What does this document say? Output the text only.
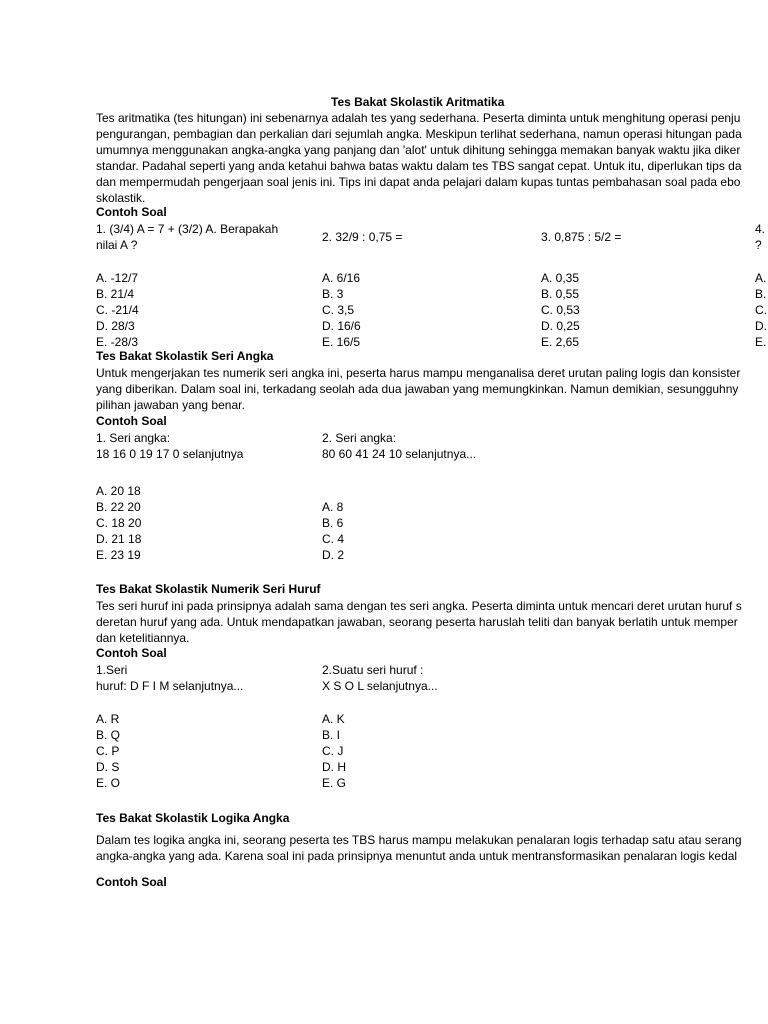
Tes Bakat Skolastik Aritmatika
Tes aritmatika (tes hitungan) ini sebenarnya adalah tes yang sederhana. Peserta diminta untuk menghitung operasi penju
pengurangan, pembagian dan perkalian dari sejumlah angka. Meskipun terlihat sederhana, namun operasi hitungan pada
umumnya menggunakan angka-angka yang panjang dan 'alot' untuk dihitung sehingga memakan banyak waktu jika diker
standar. Padahal seperti yang anda ketahui bahwa batas waktu dalam tes TBS sangat cepat. Untuk itu, diperlukan tips da
dan mempermudah pengerjaan soal jenis ini. Tips ini dapat anda pelajari dalam kupas tuntas pembahasan soal pada ebo
skolastik.
Contoh Soal
1. (3/4) A = 7 + (3/2) A. Berapakah
nilai A ?
2. 32/9 : 0,75 =	3. 0,875 : 5/2 =
4.
?
A. -12/7
B. 21/4
C. -21/4
D. 28/3
E. -28/3
A. 6/16
B. 3
C. 3,5
D. 16/6
E. 16/5
A. 0,35
B. 0,55
C. 0,53
D. 0,25
E. 2,65
A.
B.
C.
D.
E.
Tes Bakat Skolastik Seri Angka
Untuk mengerjakan tes numerik seri angka ini, peserta harus mampu menganalisa deret urutan paling logis dan konsister
yang diberikan. Dalam soal ini, terkadang seolah ada dua jawaban yang memungkinkan. Namun demikian, sesungguhny
pilihan jawaban yang benar.
Contoh Soal
1. Seri angka:
18 16 0 19 17 0 selanjutnya
2. Seri angka:
80 60 41 24 10 selanjutnya...
A. 20 18
B. 22 20
C. 18 20
D. 21 18
E. 23 19
A. 8
B. 6
C. 4
D. 2
Tes Bakat Skolastik Numerik Seri Huruf
Tes seri huruf ini pada prinsipnya adalah sama dengan tes seri angka. Peserta diminta untuk mencari deret urutan huruf s
deretan huruf yang ada. Untuk mendapatkan jawaban, seorang peserta haruslah teliti dan banyak berlatih untuk memper
dan ketelitiannya.
Contoh Soal
1.Seri
huruf: D F I M selanjutnya...
2.Suatu seri huruf :
X S O L selanjutnya...
A. R
B. Q
C. P
D. S
E. O
A. K
B. I
C. J
D. H
E. G
Tes Bakat Skolastik Logika Angka
Dalam tes logika angka ini, seorang peserta tes TBS harus mampu melakukan penalaran logis terhadap satu atau serang
angka-angka yang ada. Karena soal ini pada prinsipnya menuntut anda untuk mentransformasikan penalaran logis kedal
Contoh Soal
